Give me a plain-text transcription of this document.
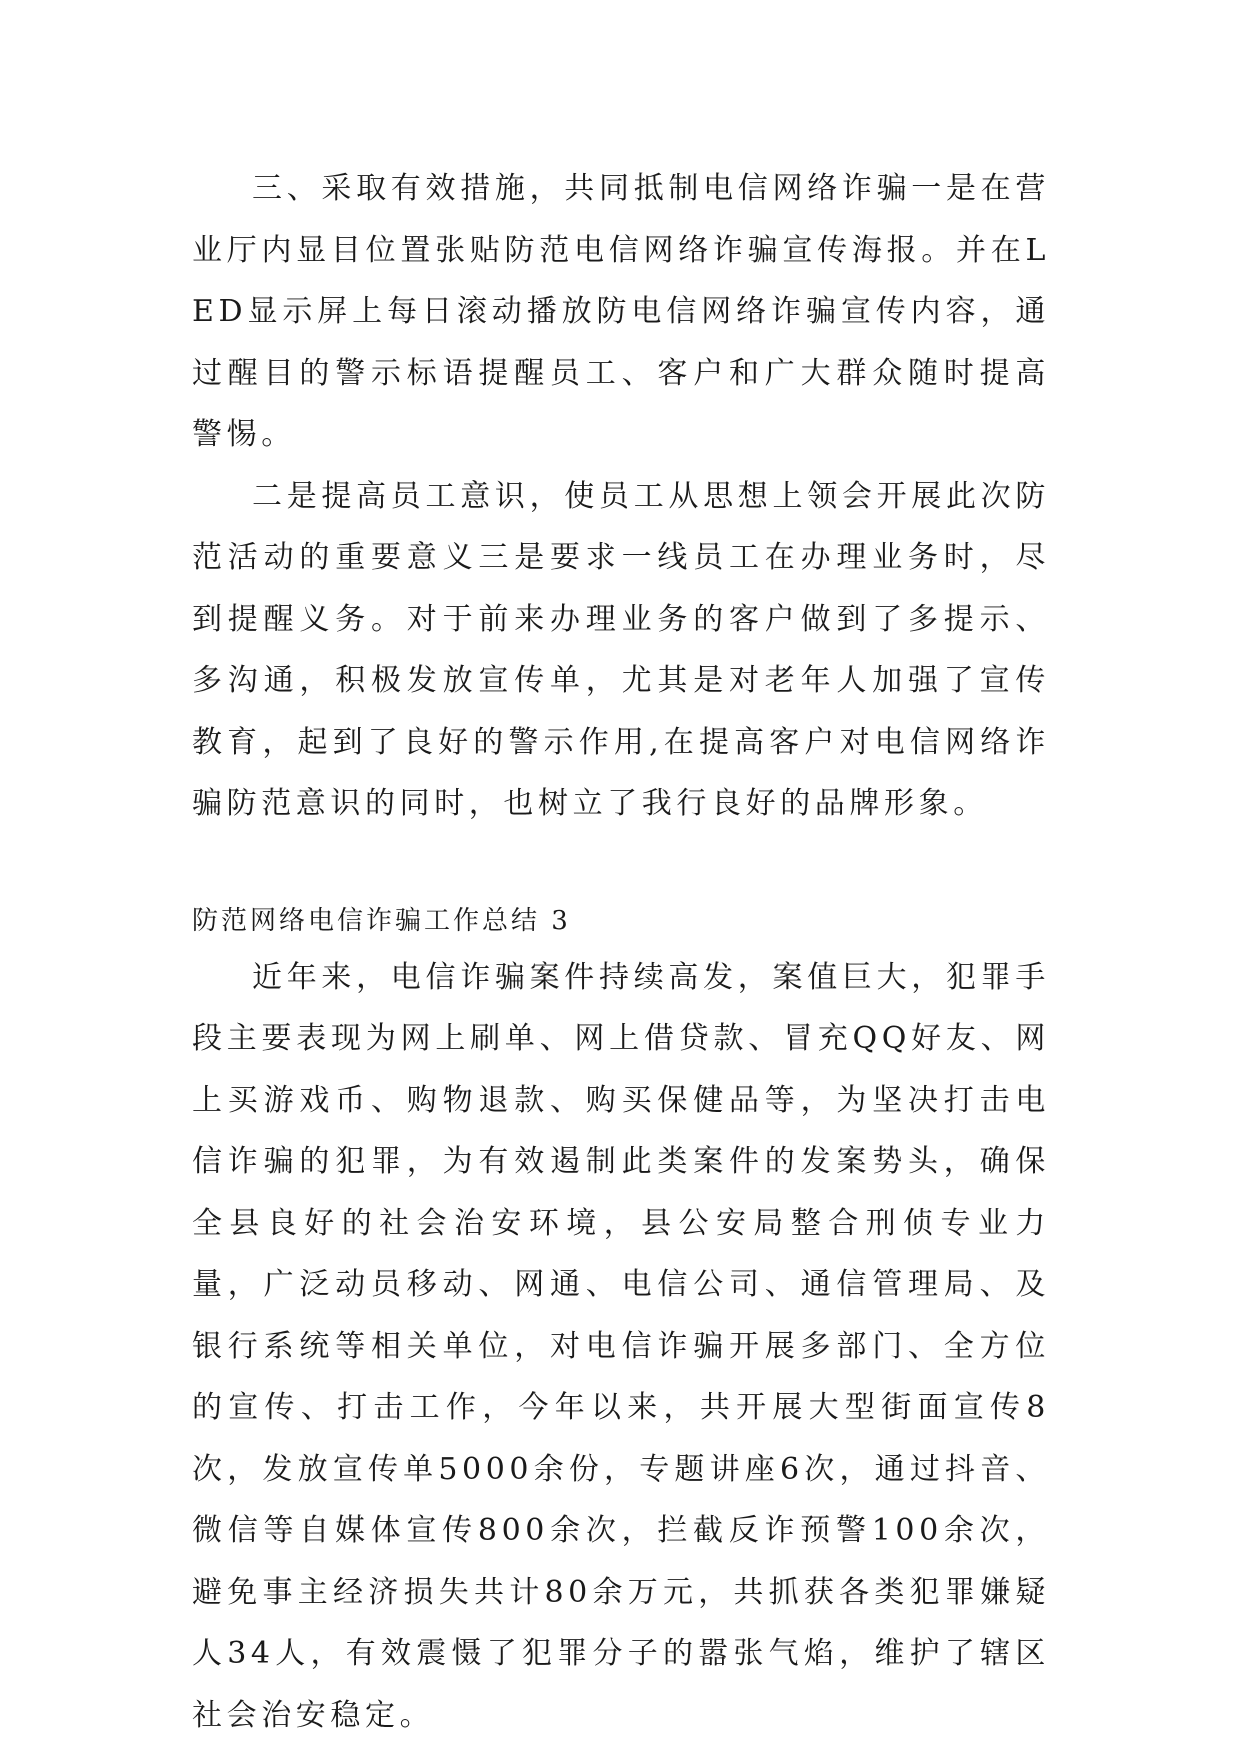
三、采取有效措施，共同抵制电信网络诈骗一是在营业厅内显目位置张贴防范电信网络诈骗宣传海报。并在LED显示屏上每日滚动播放防电信网络诈骗宣传内容，通过醒目的警示标语提醒员工、客户和广大群众随时提高警惕。

二是提高员工意识，使员工从思想上领会开展此次防范活动的重要意义三是要求一线员工在办理业务时，尽到提醒义务。对于前来办理业务的客户做到了多提示、多沟通，积极发放宣传单，尤其是对老年人加强了宣传教育，起到了良好的警示作用,在提高客户对电信网络诈骗防范意识的同时，也树立了我行良好的品牌形象。

防范网络电信诈骗工作总结 3

近年来，电信诈骗案件持续高发，案值巨大，犯罪手段主要表现为网上刷单、网上借贷款、冒充QQ好友、网上买游戏币、购物退款、购买保健品等，为坚决打击电信诈骗的犯罪，为有效遏制此类案件的发案势头，确保全县良好的社会治安环境，县公安局整合刑侦专业力量，广泛动员移动、网通、电信公司、通信管理局、及银行系统等相关单位，对电信诈骗开展多部门、全方位的宣传、打击工作，今年以来，共开展大型街面宣传8次，发放宣传单5000余份，专题讲座6次，通过抖音、微信等自媒体宣传800余次，拦截反诈预警100余次，避免事主经济损失共计80余万元，共抓获各类犯罪嫌疑人34人，有效震慑了犯罪分子的嚣张气焰，维护了辖区社会治安稳定。
